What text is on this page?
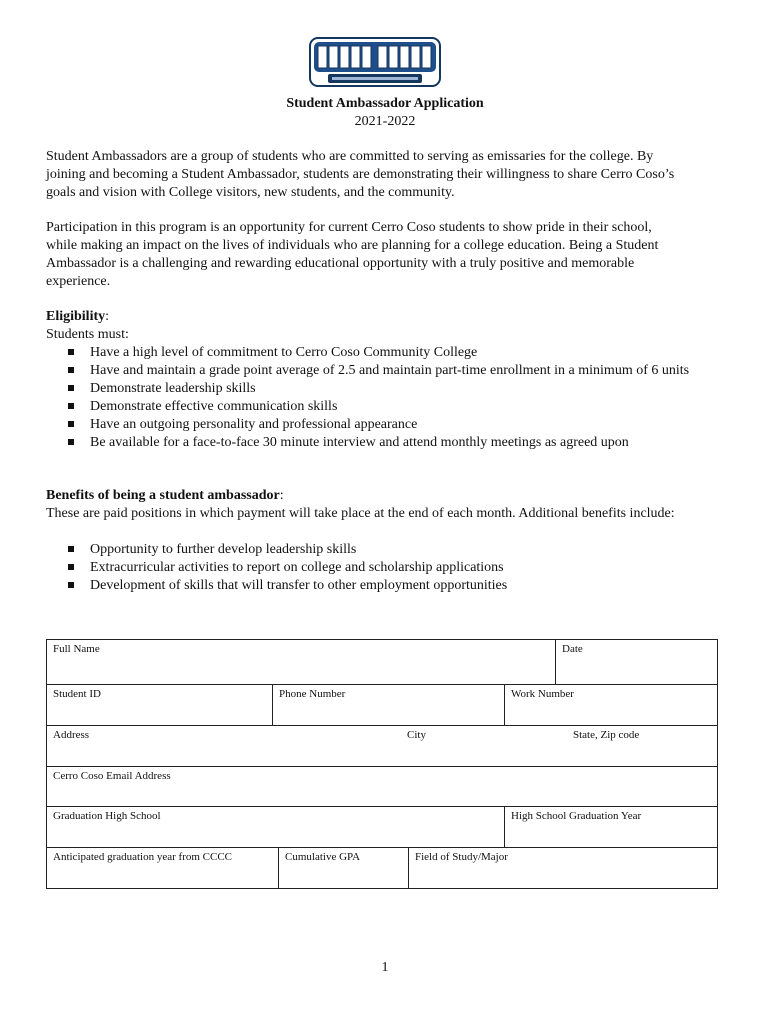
Student Ambassador Application
2021-2022

Student Ambassadors are a group of students who are committed to serving as emissaries for the college. By joining and becoming a Student Ambassador, students are demonstrating their willingness to share Cerro Coso’s goals and vision with College visitors, new students, and the community.

Participation in this program is an opportunity for current Cerro Coso students to show pride in their school, while making an impact on the lives of individuals who are planning for a college education. Being a Student Ambassador is a challenging and rewarding educational opportunity with a truly positive and memorable experience.

Eligibility:
Students must:
Have a high level of commitment to Cerro Coso Community College
Have and maintain a grade point average of 2.5 and maintain part-time enrollment in a minimum of 6 units
Demonstrate leadership skills
Demonstrate effective communication skills
Have an outgoing personality and professional appearance
Be available for a face-to-face 30 minute interview and attend monthly meetings as agreed upon
Benefits of being a student ambassador:
These are paid positions in which payment will take place at the end of each month. Additional benefits include:
Opportunity to further develop leadership skills
Extracurricular activities to report on college and scholarship applications
Development of skills that will transfer to other employment opportunities
Full Name	Date
Student ID	Phone Number	Work Number
Address	City	State, Zip code
Cerro Coso Email Address
Graduation High School	High School Graduation Year
Anticipated graduation year from CCCC	Cumulative GPA	Field of Study/Major
1
